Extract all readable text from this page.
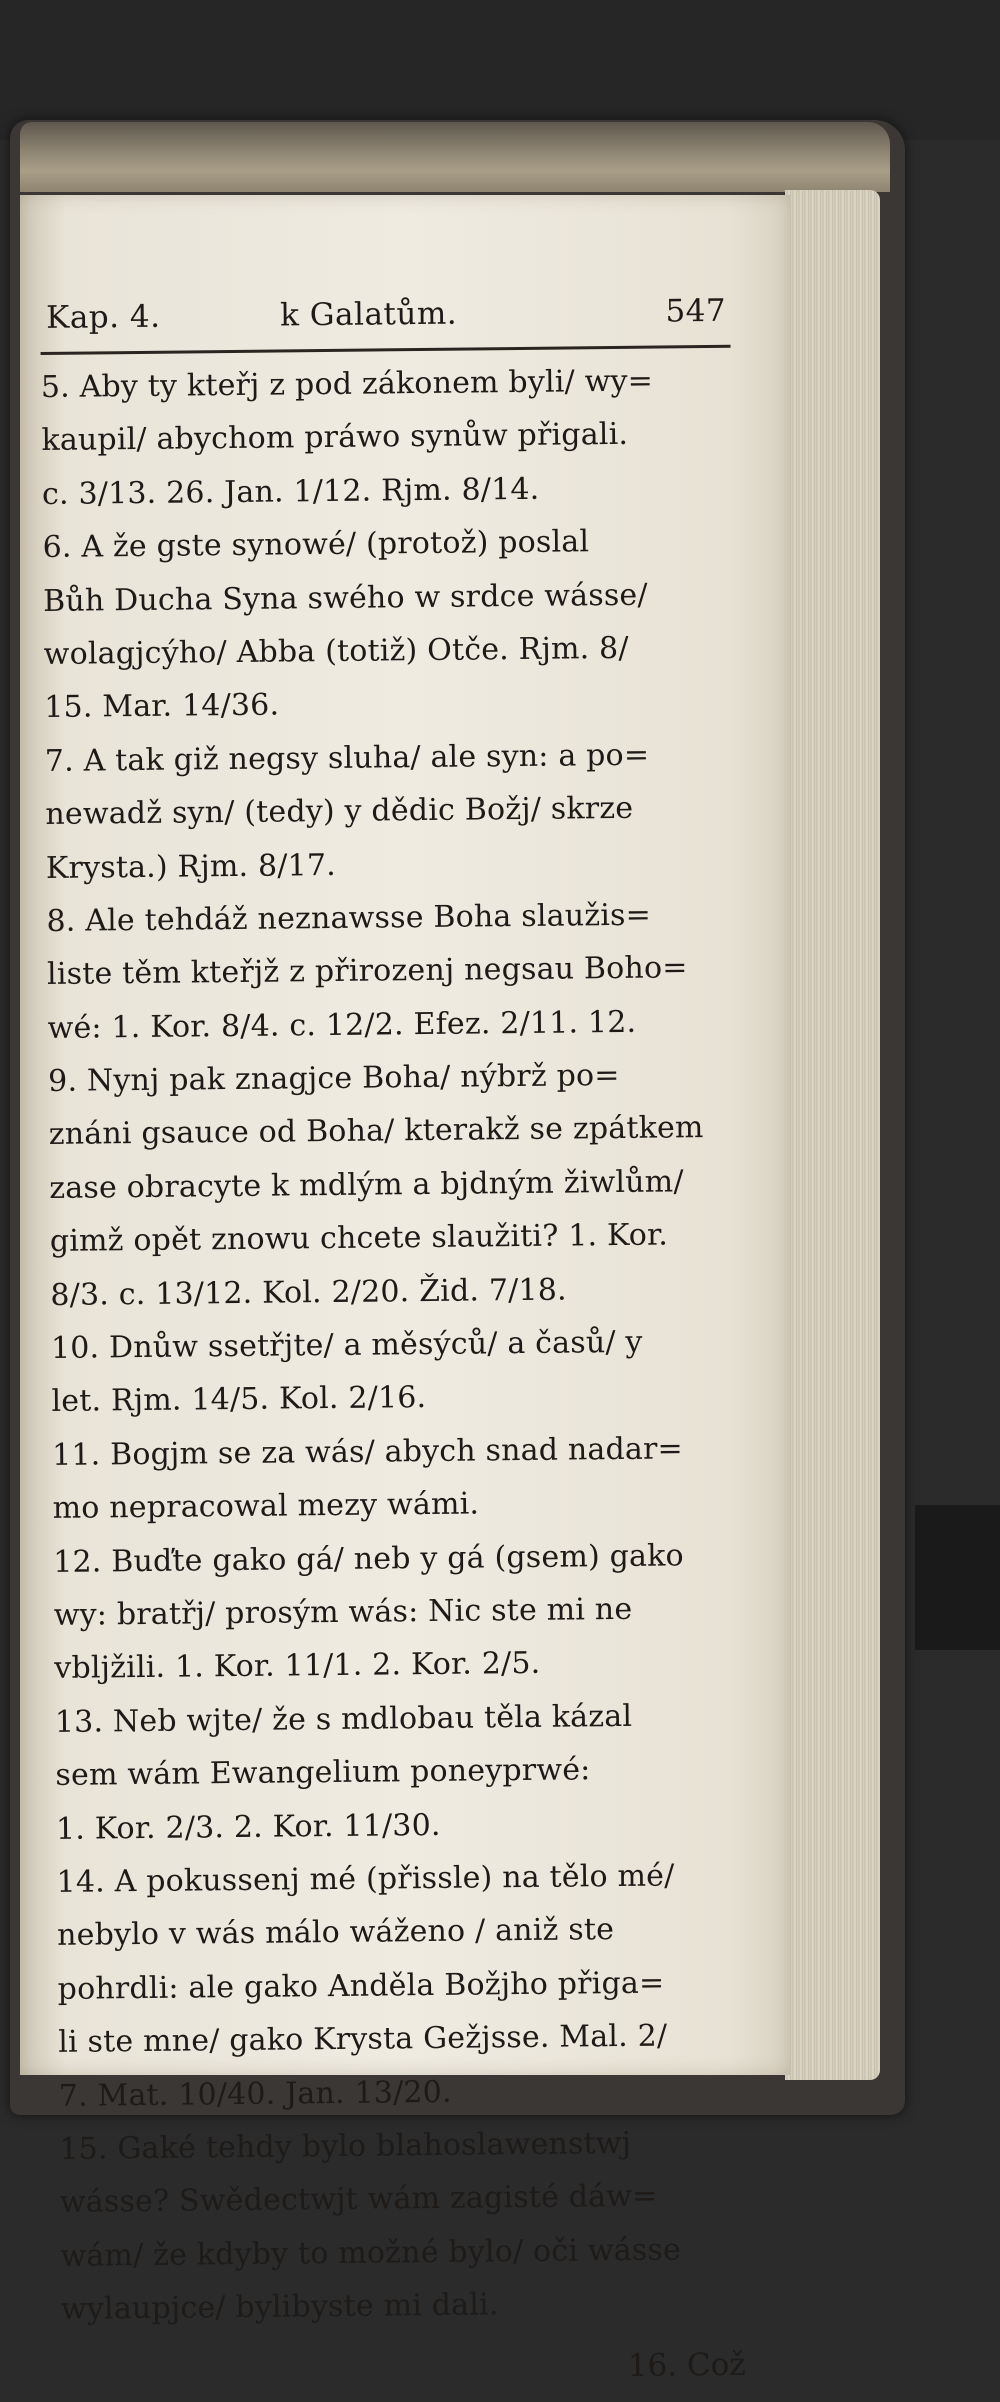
Kap. 4.	k Galatům.	547
5. Aby ty kteřj z pod zákonem byli/ wy=
kaupil/ abychom práwo synůw přigali.
c. 3/13. 26. Jan. 1/12. Rjm. 8/14.
6. A že gste synowé/ (protož) poslal
Bůh Ducha Syna swého w srdce wásse/
wolagjcýho/ Abba (totiž) Otče. Rjm. 8/
15. Mar. 14/36.
7. A tak giž negsy sluha/ ale syn: a po=
newadž syn/ (tedy) y dědic Božj/ skrze
Krysta.) Rjm. 8/17.
8. Ale tehdáž neznawsse Boha slaužis=
liste těm kteřjž z přirozenj negsau Boho=
wé: 1. Kor. 8/4. c. 12/2. Efez. 2/11. 12.
9. Nynj pak znagjce Boha/ nýbrž po=
znáni gsauce od Boha/ kterakž se zpátkem
zase obracyte k mdlým a bjdným žiwlům/
gimž opět znowu chcete slaužiti? 1. Kor.
8/3. c. 13/12. Kol. 2/20. Žid. 7/18.
10. Dnůw ssetřjte/ a měsýců/ a časů/ y
let. Rjm. 14/5. Kol. 2/16.
11. Bogjm se za wás/ abych snad nadar=
mo nepracowal mezy wámi.
12. Buďte gako gá/ neb y gá (gsem) gako
wy: bratřj/ prosým wás: Nic ste mi ne
vblјžili. 1. Kor. 11/1. 2. Kor. 2/5.
13. Neb wjte/ že s mdlobau těla kázal
sem wám Ewangelium poneyprwé:
1. Kor. 2/3. 2. Kor. 11/30.
14. A pokussenj mé (přissle) na tělo mé/
nebylo v wás málo wáženo / aniž ste
pohrdli: ale gako Anděla Božjho přiga=
li ste mne/ gako Krysta Gežjsse. Mal. 2/
7. Mat. 10/40. Jan. 13/20.
15. Gaké tehdy bylo blahoslawenstwj
wásse? Swědectwjt wám zagisté dáw=
wám/ že kdyby to možné bylo/ oči wásse
wylaupjce/ bylibyste mi dali.
16. Což
